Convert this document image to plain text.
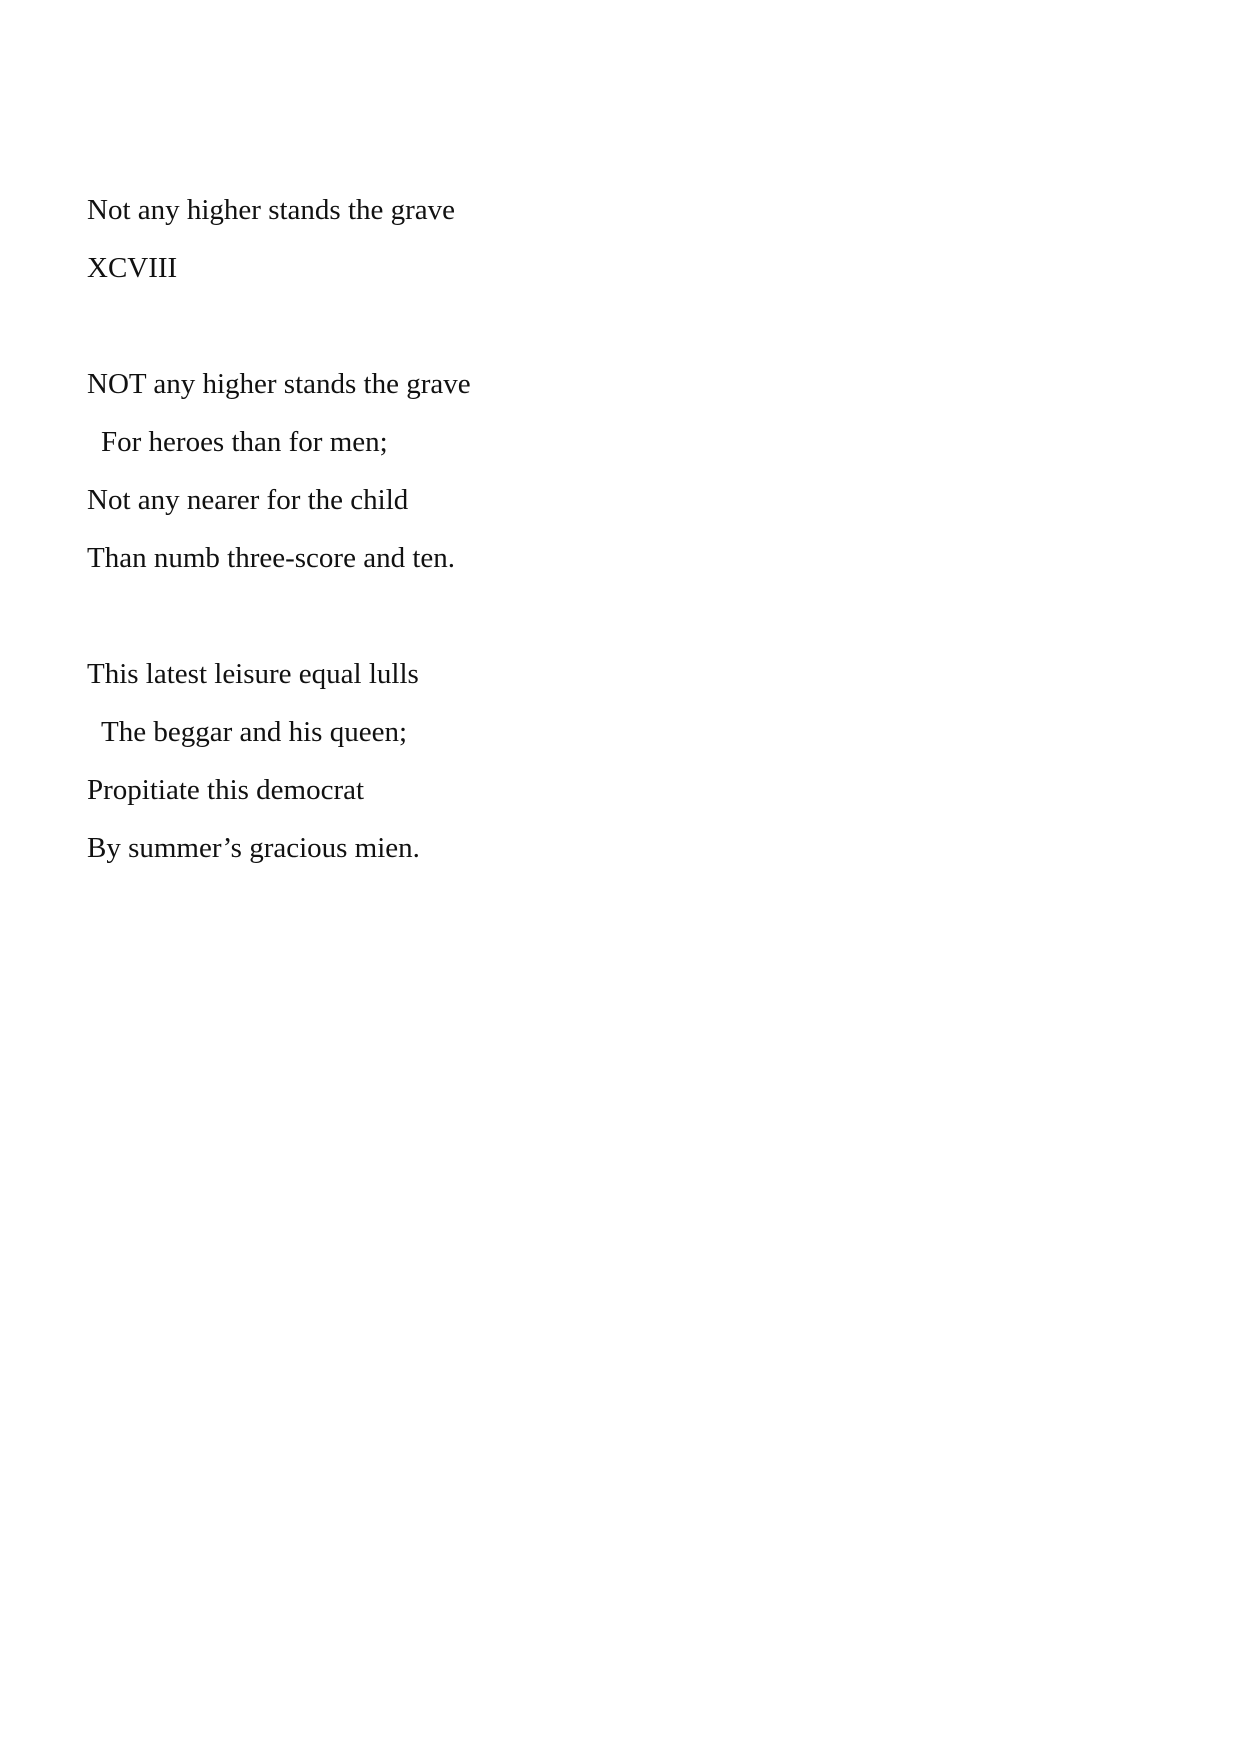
Not any higher stands the grave
XCVIII
NOT any higher stands the grave
For heroes than for men;
Not any nearer for the child
Than numb three-score and ten.
This latest leisure equal lulls
The beggar and his queen;
Propitiate this democrat
By summer’s gracious mien.
